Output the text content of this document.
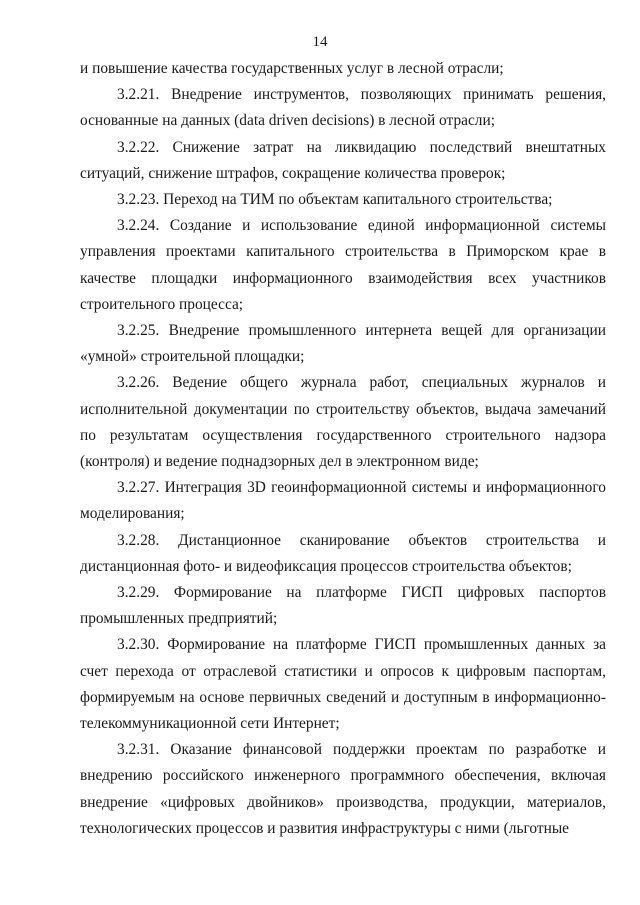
14

и повышение качества государственных услуг в лесной отрасли;

3.2.21. Внедрение инструментов, позволяющих принимать решения, основанные на данных (data driven decisions) в лесной отрасли;

3.2.22. Снижение затрат на ликвидацию последствий внештатных ситуаций, снижение штрафов, сокращение количества проверок;

3.2.23. Переход на ТИМ по объектам капитального строительства;

3.2.24. Создание и использование единой информационной системы управления проектами капитального строительства в Приморском крае в качестве площадки информационного взаимодействия всех участников строительного процесса;

3.2.25. Внедрение промышленного интернета вещей для организации «умной» строительной площадки;

3.2.26. Ведение общего журнала работ, специальных журналов и исполнительной документации по строительству объектов, выдача замечаний по результатам осуществления государственного строительного надзора (контроля) и ведение поднадзорных дел в электронном виде;

3.2.27. Интеграция 3D геоинформационной системы и информационного моделирования;

3.2.28. Дистанционное сканирование объектов строительства и дистанционная фото- и видеофиксация процессов строительства объектов;

3.2.29. Формирование на платформе ГИСП цифровых паспортов промышленных предприятий;

3.2.30. Формирование на платформе ГИСП промышленных данных за счет перехода от отраслевой статистики и опросов к цифровым паспортам, формируемым на основе первичных сведений и доступным в информационно-телекоммуникационной сети Интернет;

3.2.31. Оказание финансовой поддержки проектам по разработке и внедрению российского инженерного программного обеспечения, включая внедрение «цифровых двойников» производства, продукции, материалов, технологических процессов и развития инфраструктуры с ними (льготные
